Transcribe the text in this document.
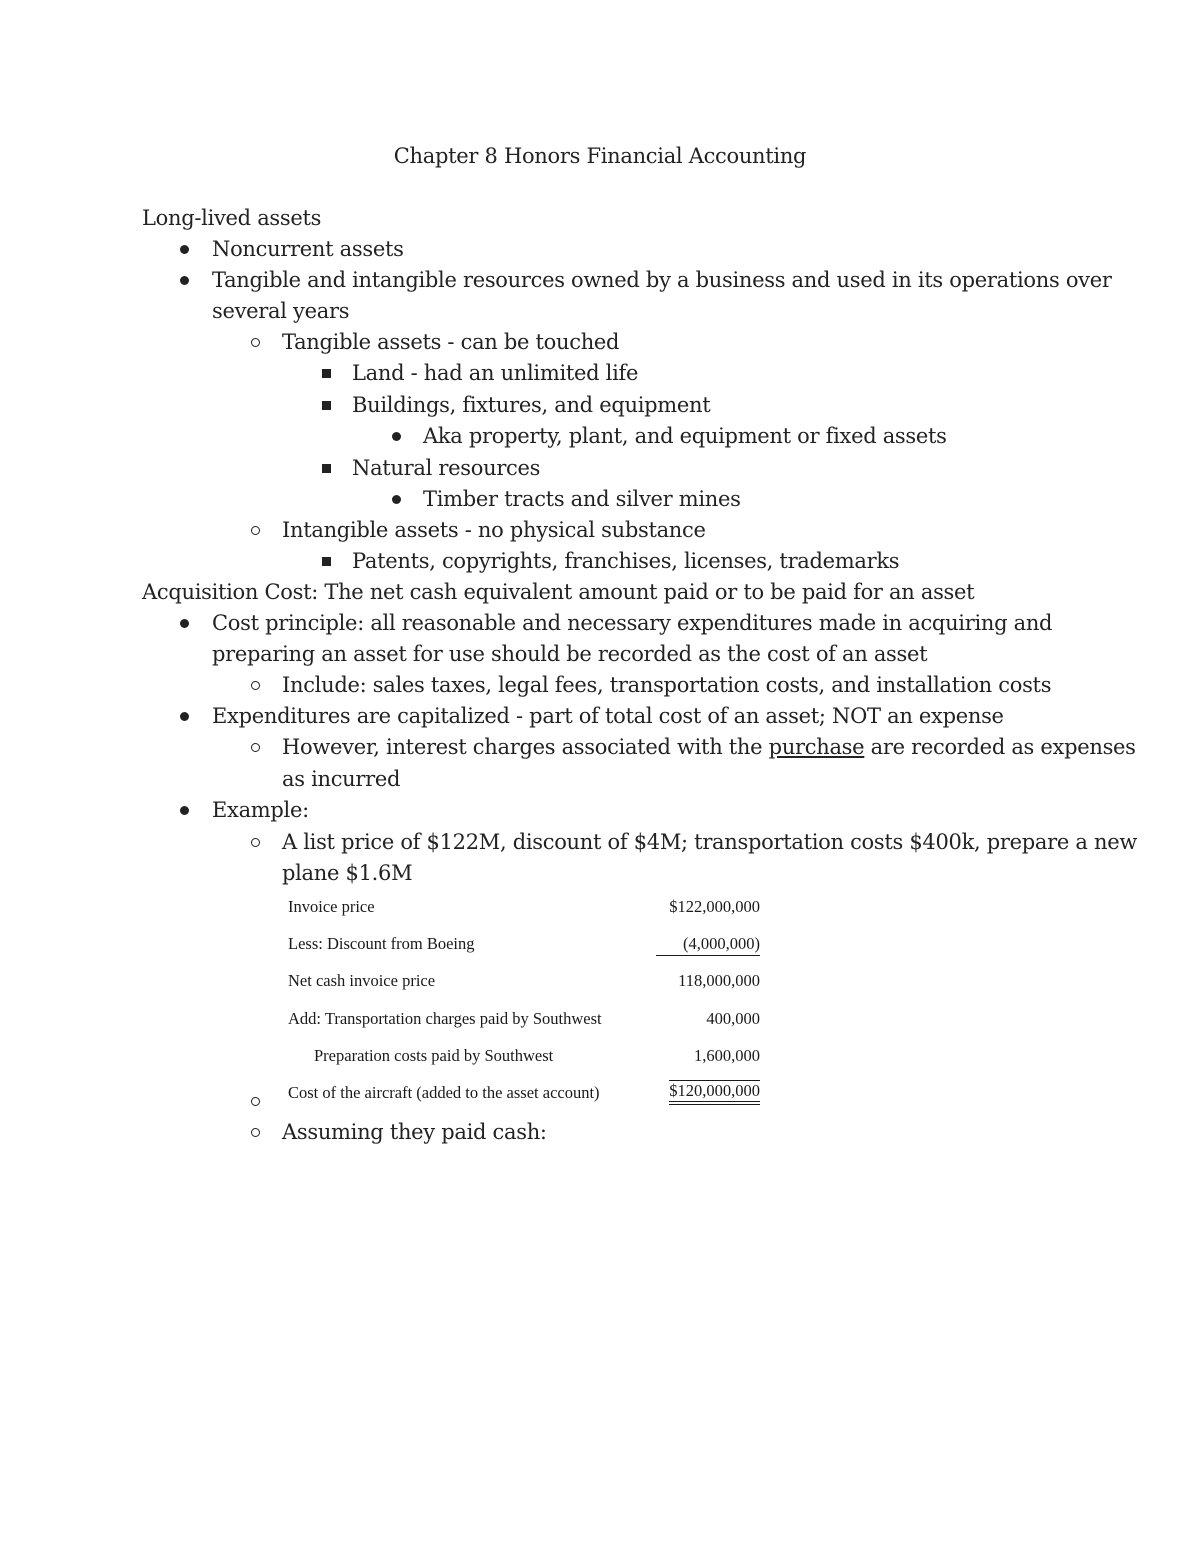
Chapter 8 Honors Financial Accounting
Long-lived assets
Noncurrent assets
Tangible and intangible resources owned by a business and used in its operations over
several years
Tangible assets - can be touched
Land - had an unlimited life
Buildings, fixtures, and equipment
Aka property, plant, and equipment or fixed assets
Natural resources
Timber tracts and silver mines
Intangible assets - no physical substance
Patents, copyrights, franchises, licenses, trademarks
Acquisition Cost: The net cash equivalent amount paid or to be paid for an asset
Cost principle: all reasonable and necessary expenditures made in acquiring and
preparing an asset for use should be recorded as the cost of an asset
Include: sales taxes, legal fees, transportation costs, and installation costs
Expenditures are capitalized - part of total cost of an asset; NOT an expense
However, interest charges associated with the purchase are recorded as expenses
as incurred
Example:
A list price of $122M, discount of $4M; transportation costs $400k, prepare a new
plane $1.6M
Invoice price	$122,000,000
Less: Discount from Boeing	(4,000,000)
Net cash invoice price	118,000,000
Add: Transportation charges paid by Southwest	400,000
Preparation costs paid by Southwest	1,600,000
Cost of the aircraft (added to the asset account)	$120,000,000
Assuming they paid cash:
